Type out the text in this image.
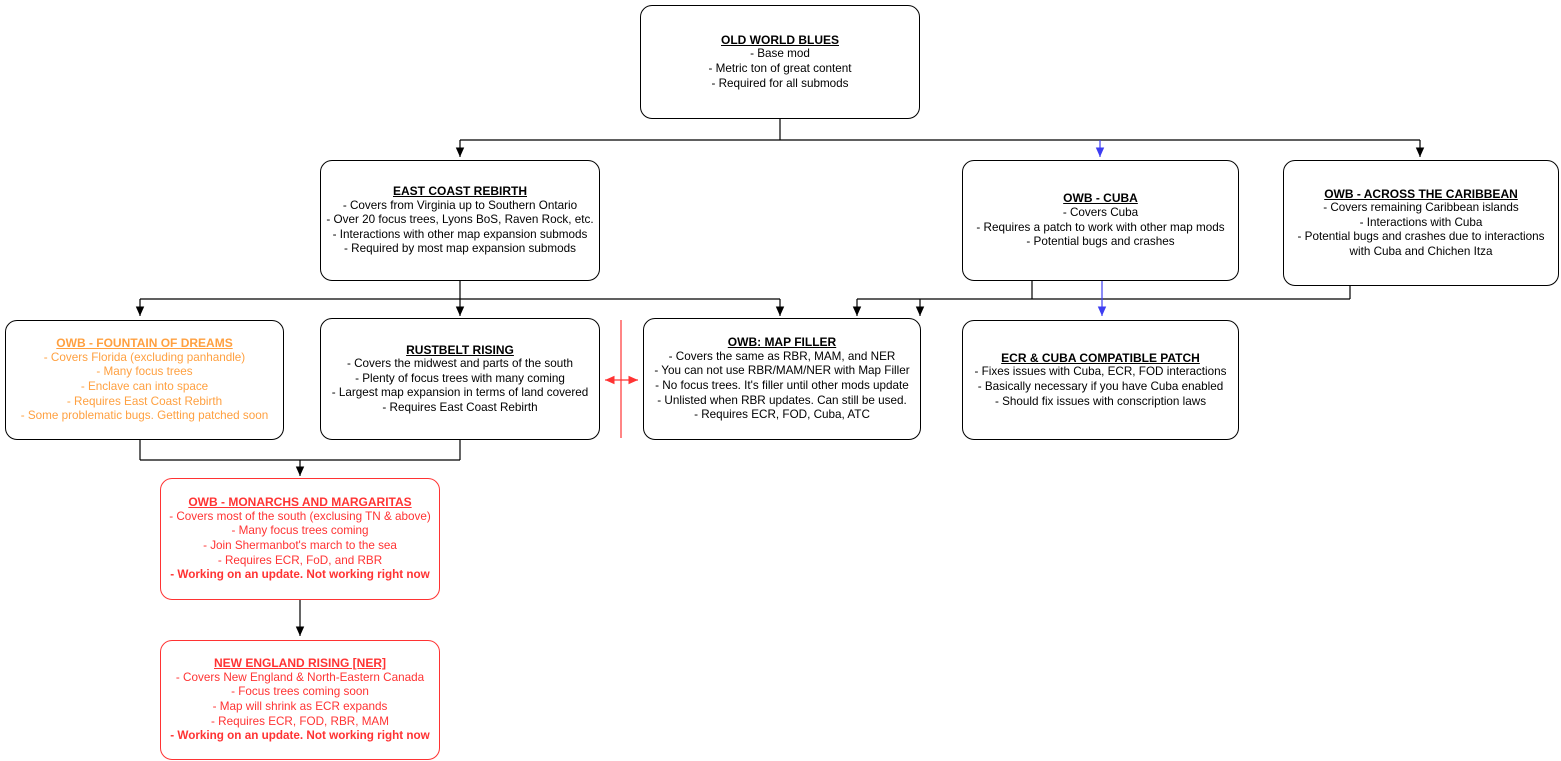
OLD WORLD BLUES
- Base mod
- Metric ton of great content
- Required for all submods
EAST COAST REBIRTH
- Covers from Virginia up to Southern Ontario
- Over 20 focus trees, Lyons BoS, Raven Rock, etc.
- Interactions with other map expansion submods
- Required by most map expansion submods
OWB - CUBA
- Covers Cuba
- Requires a patch to work with other map mods
- Potential bugs and crashes
OWB - ACROSS THE CARIBBEAN
- Covers remaining Caribbean islands
- Interactions with Cuba
- Potential bugs and crashes due to interactions with Cuba and Chichen Itza
OWB - FOUNTAIN OF DREAMS
- Covers Florida (excluding panhandle)
- Many focus trees
- Enclave can into space
- Requires East Coast Rebirth
- Some problematic bugs. Getting patched soon
RUSTBELT RISING
- Covers the midwest and parts of the south
- Plenty of focus trees with many coming
- Largest map expansion in terms of land covered
- Requires East Coast Rebirth
OWB: MAP FILLER
- Covers the same as RBR, MAM, and NER
- You can not use RBR/MAM/NER with Map Filler
- No focus trees. It's filler until other mods update
- Unlisted when RBR updates. Can still be used.
- Requires ECR, FOD, Cuba, ATC
ECR & CUBA COMPATIBLE PATCH
- Fixes issues with Cuba, ECR, FOD interactions
- Basically necessary if you have Cuba enabled
- Should fix issues with conscription laws
OWB - MONARCHS AND MARGARITAS
- Covers most of the south (exclusing TN & above)
- Many focus trees coming
- Join Shermanbot's march to the sea
- Requires ECR, FoD, and RBR
- Working on an update. Not working right now
NEW ENGLAND RISING [NER]
- Covers New England & North-Eastern Canada
- Focus trees coming soon
- Map will shrink as ECR expands
- Requires ECR, FOD, RBR, MAM
- Working on an update. Not working right now
